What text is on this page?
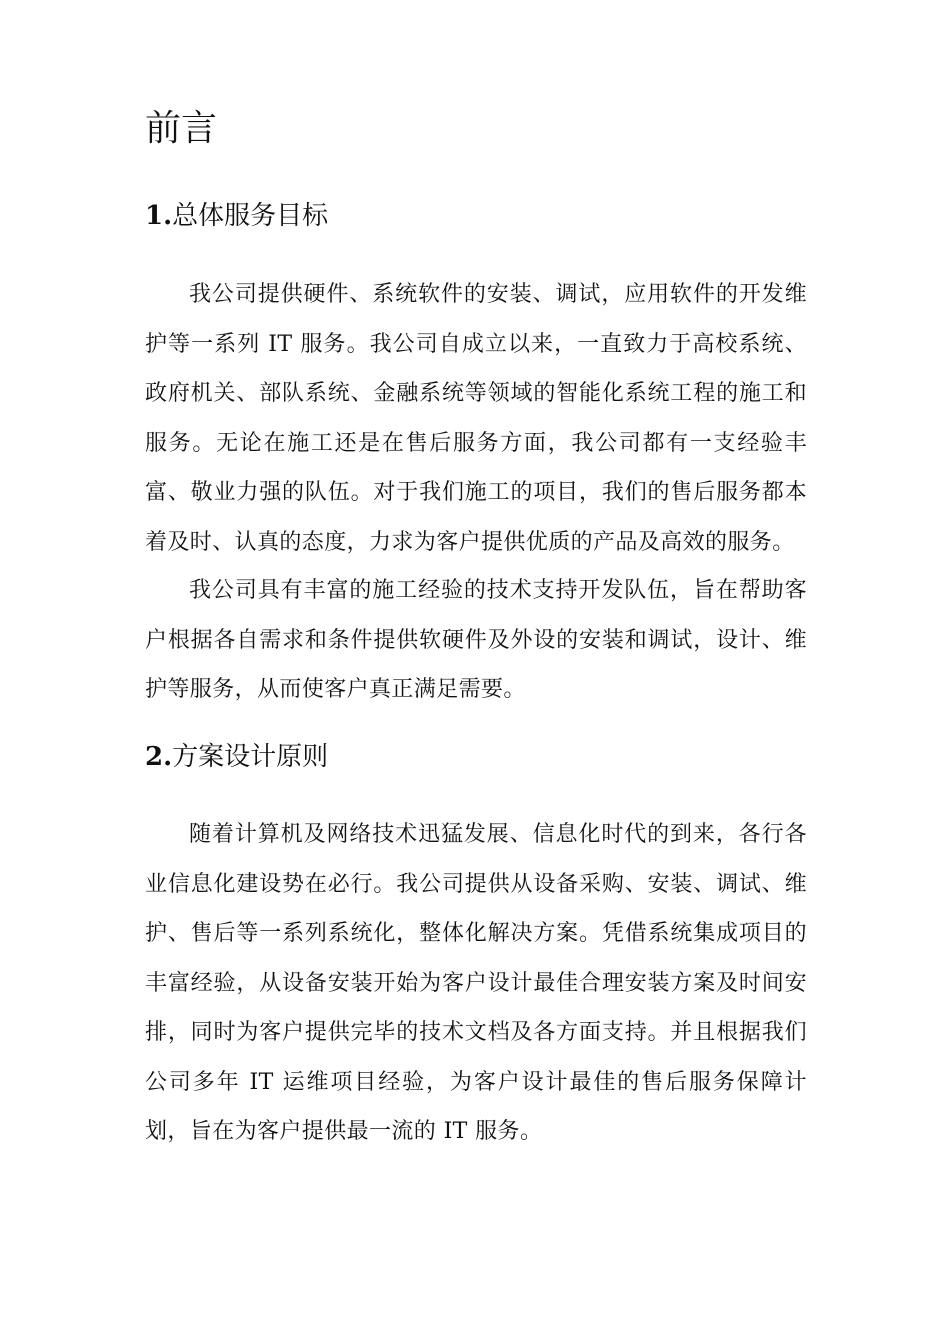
前言
1.总体服务目标

我公司提供硬件、系统软件的安装、调试，应用软件的开发维护等一系列 IT 服务。我公司自成立以来，一直致力于高校系统、政府机关、部队系统、金融系统等领域的智能化系统工程的施工和服务。无论在施工还是在售后服务方面，我公司都有一支经验丰富、敬业力强的队伍。对于我们施工的项目，我们的售后服务都本着及时、认真的态度，力求为客户提供优质的产品及高效的服务。

我公司具有丰富的施工经验的技术支持开发队伍，旨在帮助客户根据各自需求和条件提供软硬件及外设的安装和调试，设计、维护等服务，从而使客户真正满足需要。

2.方案设计原则

随着计算机及网络技术迅猛发展、信息化时代的到来，各行各业信息化建设势在必行。我公司提供从设备采购、安装、调试、维护、售后等一系列系统化，整体化解决方案。凭借系统集成项目的丰富经验，从设备安装开始为客户设计最佳合理安装方案及时间安排，同时为客户提供完毕的技术文档及各方面支持。并且根据我们公司多年 IT 运维项目经验，为客户设计最佳的售后服务保障计划，旨在为客户提供最一流的 IT 服务。
